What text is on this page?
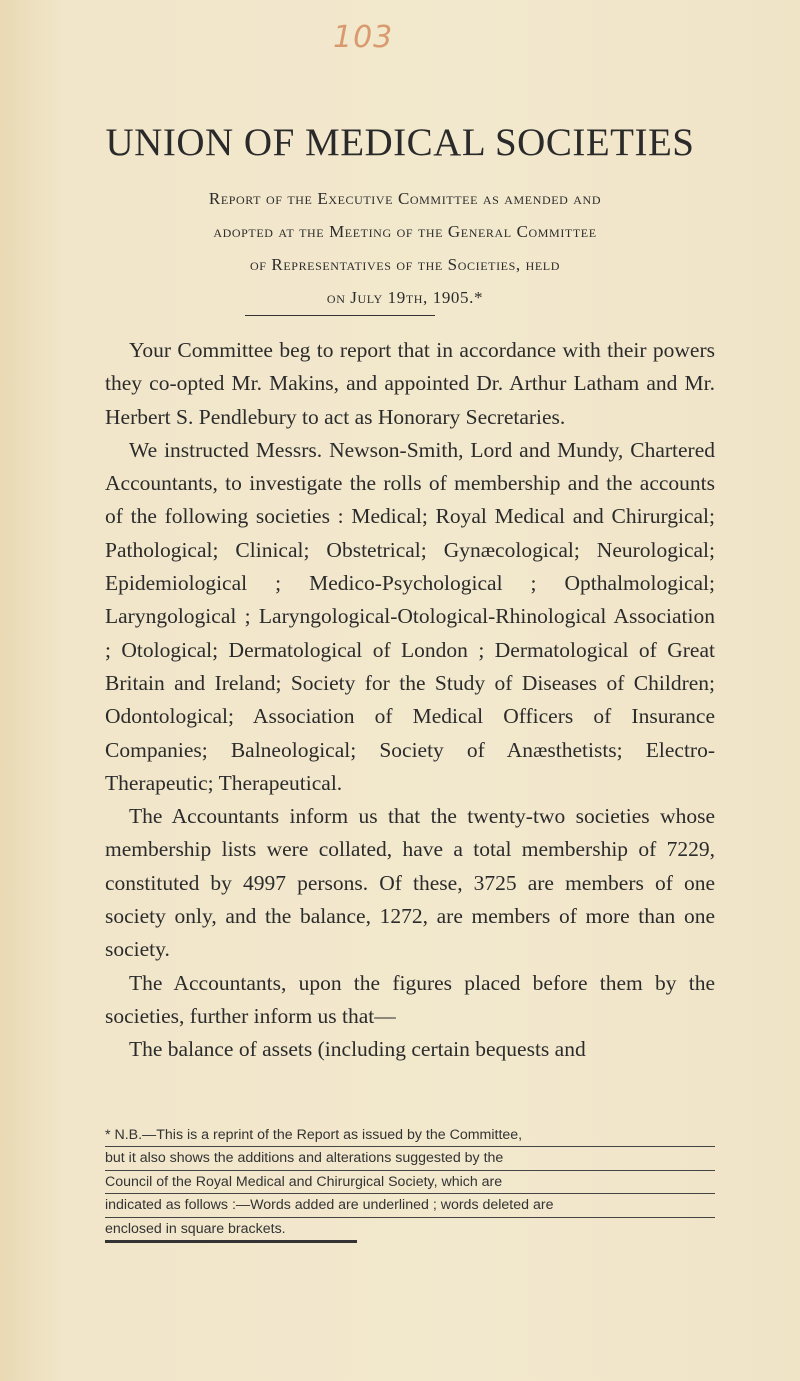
103
UNION OF MEDICAL SOCIETIES
Report of the Executive Committee as amended and
adopted at the Meeting of the General Committee
of Representatives of the Societies, held
on July 19th, 1905.*

Your Committee beg to report that in accordance with their powers they co-opted Mr. Makins, and appointed Dr. Arthur Latham and Mr. Herbert S. Pendlebury to act as Honorary Secretaries.

We instructed Messrs. Newson-Smith, Lord and Mundy, Chartered Accountants, to investigate the rolls of membership and the accounts of the following societies : Medical; Royal Medical and Chirurgical; Pathological; Clinical; Obstetrical; Gynæcological; Neurological; Epidemiological ; Medico-Psychological ; Opthalmological; Laryngological ; Laryngological-Otological-Rhinological Association ; Otological; Dermatological of London ; Dermatological of Great Britain and Ireland; Society for the Study of Diseases of Children; Odontological; Association of Medical Officers of Insurance Companies; Balneological; Society of Anæsthetists; Electro-Therapeutic; Therapeutical.

The Accountants inform us that the twenty-two societies whose membership lists were collated, have a total membership of 7229, constituted by 4997 persons. Of these, 3725 are members of one society only, and the balance, 1272, are members of more than one society.

The Accountants, upon the figures placed before them by the societies, further inform us that—

The balance of assets (including certain bequests and

* N.B.—This is a reprint of the Report as issued by the Committee,
but it also shows the additions and alterations suggested by the
Council of the Royal Medical and Chirurgical Society, which are
indicated as follows :—Words added are underlined ; words deleted are
enclosed in square brackets.
